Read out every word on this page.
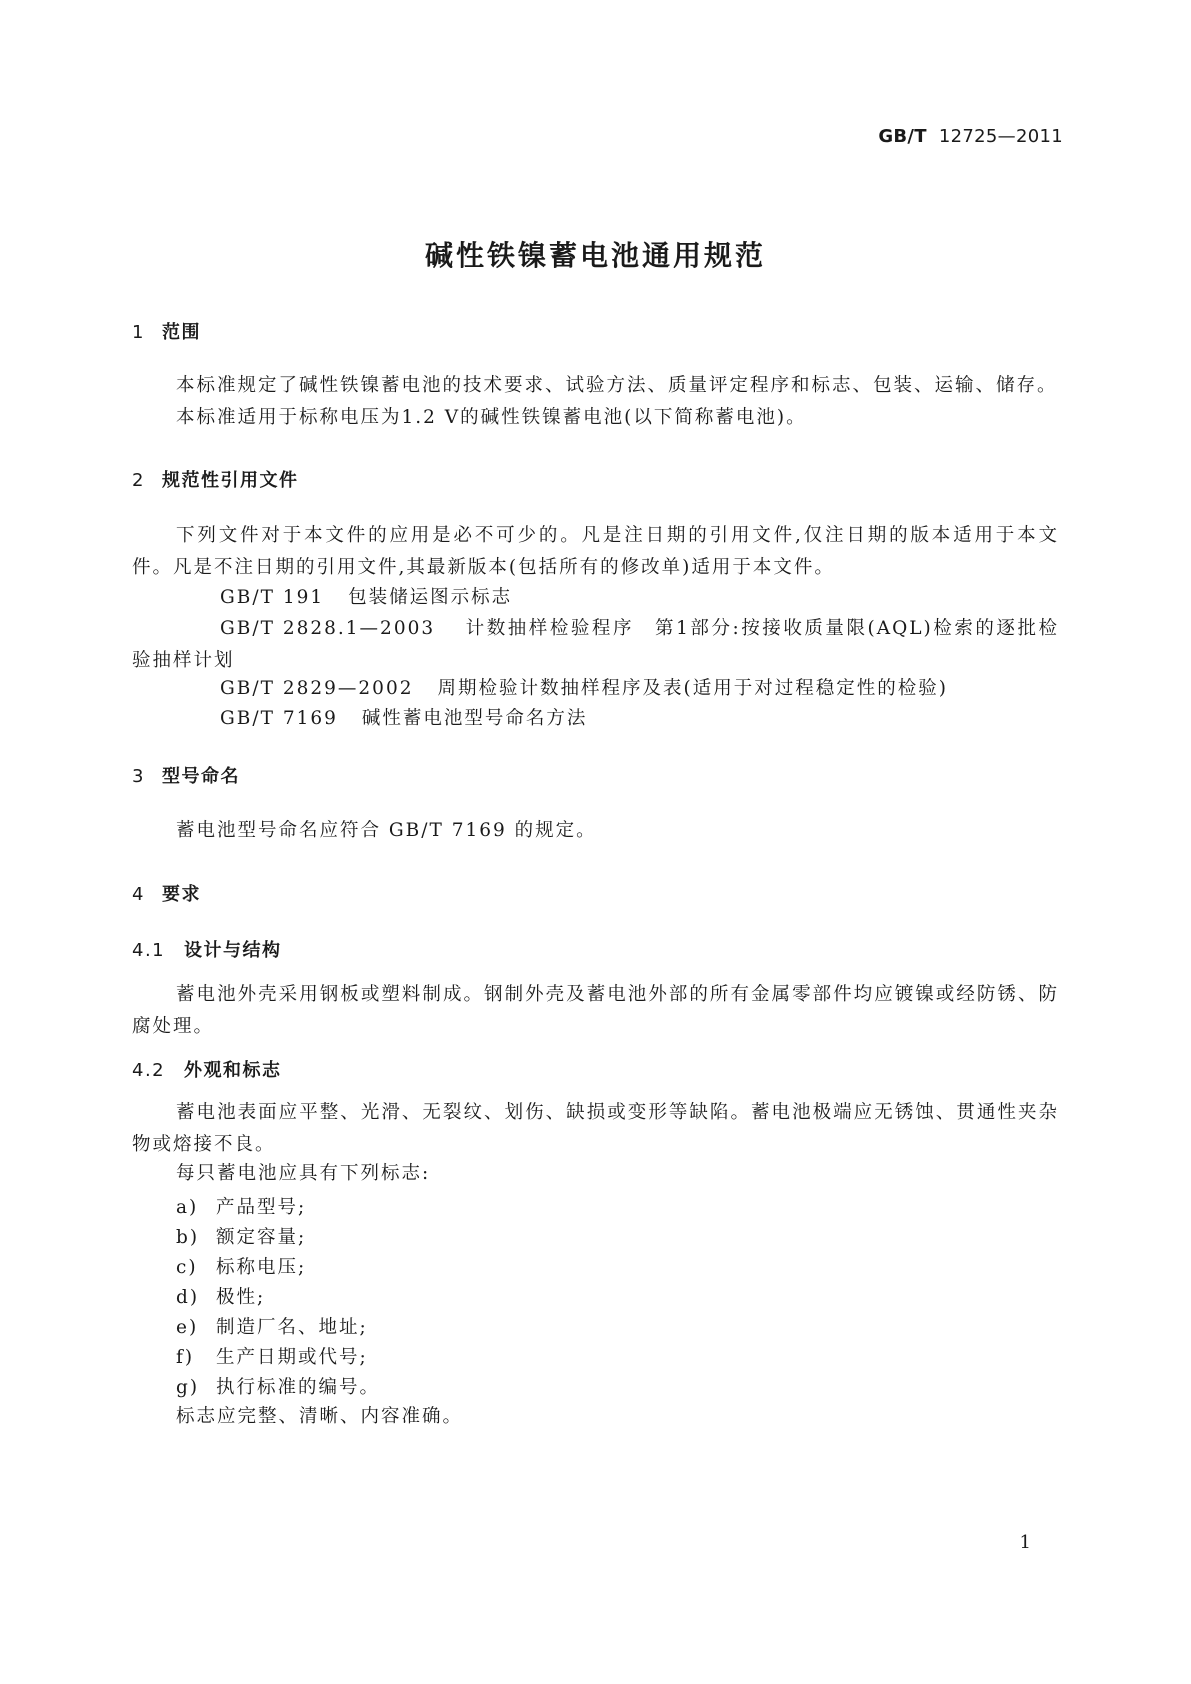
GB/T 12725—2011
碱性铁镍蓄电池通用规范
1 范围
本标准规定了碱性铁镍蓄电池的技术要求、试验方法、质量评定程序和标志、包装、运输、储存。
本标准适用于标称电压为1.2 V的碱性铁镍蓄电池(以下简称蓄电池)。
2 规范性引用文件
下列文件对于本文件的应用是必不可少的。凡是注日期的引用文件,仅注日期的版本适用于本文件。凡是不注日期的引用文件,其最新版本(包括所有的修改单)适用于本文件。
GB/T 191 包装储运图示标志
GB/T 2828.1—2003 计数抽样检验程序　第1部分:按接收质量限(AQL)检索的逐批检验抽样计划
GB/T 2829—2002 周期检验计数抽样程序及表(适用于对过程稳定性的检验)
GB/T 7169 碱性蓄电池型号命名方法
3 型号命名
蓄电池型号命名应符合 GB/T 7169 的规定。
4 要求
4.1 设计与结构
蓄电池外壳采用钢板或塑料制成。钢制外壳及蓄电池外部的所有金属零部件均应镀镍或经防锈、防腐处理。
4.2 外观和标志
蓄电池表面应平整、光滑、无裂纹、划伤、缺损或变形等缺陷。蓄电池极端应无锈蚀、贯通性夹杂物或熔接不良。
每只蓄电池应具有下列标志:
a) 产品型号;
b) 额定容量;
c) 标称电压;
d) 极性;
e) 制造厂名、地址;
f) 生产日期或代号;
g) 执行标准的编号。
标志应完整、清晰、内容准确。
1
